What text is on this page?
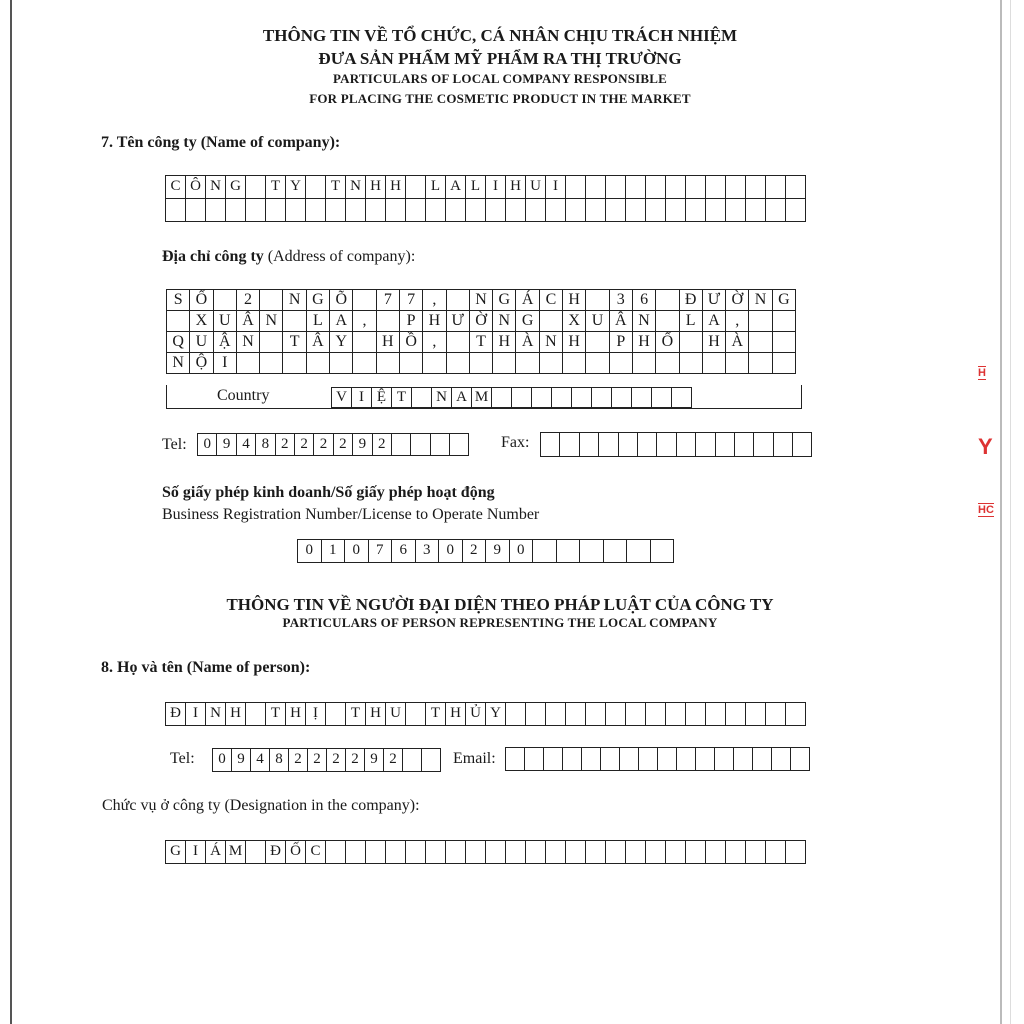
THÔNG TIN VỀ TỔ CHỨC, CÁ NHÂN CHỊU TRÁCH NHIỆM
ĐƯA SẢN PHẨM MỸ PHẨM RA THỊ TRƯỜNG
PARTICULARS OF LOCAL COMPANY RESPONSIBLE
FOR PLACING THE COSMETIC PRODUCT IN THE MARKET
7. Tên công ty (Name of company):
C Ô N G	T Y	T N H H	L A L I H U I
Địa chỉ công ty (Address of company):
S Ố	2	N G Õ	7 7	,	N G Á C H	3 6	Đ Ư Ờ N G
X U Â N	L A ,	P H Ư Ờ N G	X U Â N	L A ,
Q U Ậ N	T Â Y	H Ồ ,	T H À N H	P H Ố	H À
N Ộ I
Country	V I Ệ T	N A M
Tel:	0 9 4 8 2 2 2 2 9 2	Fax:
Số giấy phép kinh doanh/Số giấy phép hoạt động
Business Registration Number/License to Operate Number
0	1	0	7	6	3	0	2	9	0
THÔNG TIN VỀ NGƯỜI ĐẠI DIỆN THEO PHÁP LUẬT CỦA CÔNG TY
PARTICULARS OF PERSON REPRESENTING THE LOCAL COMPANY
8. Họ và tên (Name of person):
Đ I N H	T H Ị	T H U	T H Ủ Y
Tel:	0 9 4 8 2 2 2 2 9 2	Email:
Chức vụ ở công ty (Designation in the company):
G I Á M Đ Ố C
H
Y
HC
